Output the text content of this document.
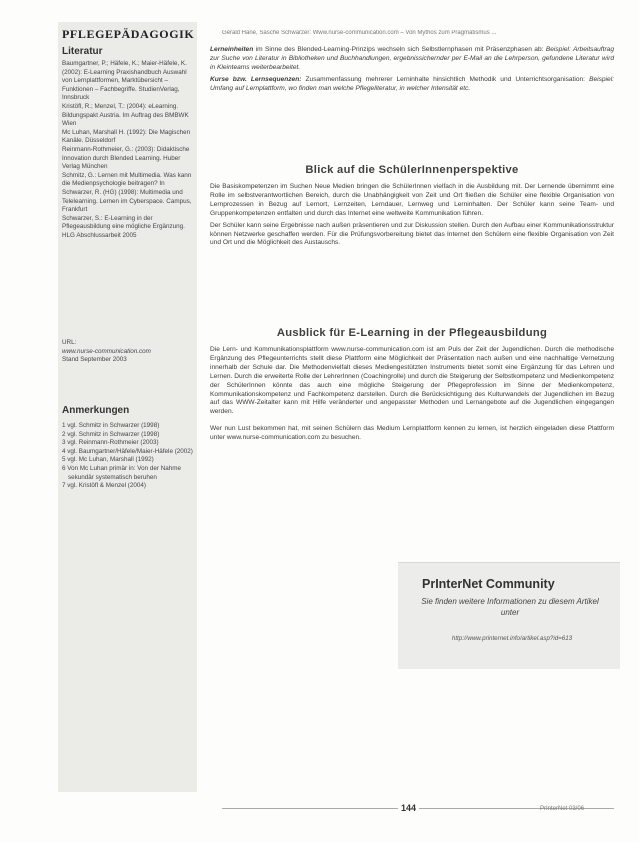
PFLEGEPÄDAGOGIK	Gerald Hane, Sasche Schwarzer: Www.nurse-communication.com – Von Mythos zum Pragmatismus ...
Literatur

Baumgartner, P.; Häfele, K.; Maier-Häfele, K. (2002): E-Learning Praxishandbuch Auswahl von Lernplattformen, Marktübersicht – Funktionen – Fachbegriffe. StudienVerlag, Innsbruck

Kristöfl, R.; Menzel, T.: (2004): eLearning. Bildungspakt Austria. Im Auftrag des BMBWK Wien

Mc Luhan, Marshall H. (1992): Die Magischen Kanäle. Düsseldorf

Reinmann-Rothmeier, G.: (2003): Didaktische Innovation durch Blended Learning. Huber Verlag München

Schmitz, G.: Lernen mit Multimedia. Was kann die Medienpsychologie beitragen? In Schwarzer, R. (HG) (1998): Multimedia und Telelearning. Lernen im Cyberspace. Campus, Frankfurt

Schwarzer, S.: E-Learning in der Pflegeausbildung eine mögliche Ergänzung. HLG Abschlussarbeit 2005

URL:

www.nurse-communication.com

Stand September 2003

Anmerkungen

1 vgl. Schmitz in Schwarzer (1998)

2 vgl. Schmitz in Schwarzer (1998)

3 vgl. Reinmann-Rothmeier (2003)

4 vgl. Baumgartner/Häfele/Maier-Häfele (2002)

5 vgl. Mc Luhan, Marshall (1992)

6 Von Mc Luhan primär in: Von der Nahme sekundär systematisch beruhen

7 vgl. Kristöfl & Menzel (2004)

Lerneinheiten im Sinne des Blended-Learning-Prinzips wechseln sich Selbstlernphasen mit Präsenzphasen ab: Beispiel: Arbeitsauftrag zur Suche von Literatur in Bibliotheken und Buchhandlungen, ergebnissichernder per E-Mail an die Lehrperson, gefundene Literatur wird in Kleinteams weiterbearbeitet.

Kurse bzw. Lernsequenzen: Zusammenfassung mehrerer Lerninhalte hinsichtlich Methodik und Unterrichtsorganisation: Beispiel: Umfang auf Lernplattform, wo finden man welche Pflegeliteratur, in welcher Intensität etc.

Blick auf die SchülerInnenperspektive

Die Basiskompetenzen im Suchen Neue Medien bringen die SchülerInnen vielfach in die Ausbildung mit. Der Lernende übernimmt eine Rolle im selbstverantwortlichen Bereich, durch die Unabhängigkeit von Zeit und Ort fließen die Schüler eine flexible Organisation von Lernprozessen in Bezug auf Lernort, Lernzeiten, Lerndauer, Lernweg und Lerninhalten. Der Schüler kann seine Team- und Gruppenkompetenzen entfalten und durch das Internet eine weltweite Kommunikation führen.

Der Schüler kann seine Ergebnisse nach außen präsentieren und zur Diskussion stellen. Durch den Aufbau einer Kommunikationsstruktur können Netzwerke geschaffen werden. Für die Prüfungsvorbereitung bietet das Internet den Schülern eine flexible Organisation von Zeit und Ort und die Möglichkeit des Austauschs.

Ausblick für E-Learning in der Pflegeausbildung

Die Lern- und Kommunikationsplattform www.nurse-communication.com ist am Puls der Zeit der Jugendlichen. Durch die methodische Ergänzung des Pflegeunterrichts stellt diese Plattform eine Möglichkeit der Präsentation nach außen und eine nachhaltige Vernetzung innerhalb der Schule dar. Die Methodenvielfalt dieses Mediengestützten Instruments bietet somit eine Ergänzung für das Lehren und Lernen. Durch die erweiterte Rolle der LehrerInnen (Coachingrolle) und durch die Steigerung der Selbstkompetenz und Medienkompetenz der SchülerInnen könnte das auch eine mögliche Steigerung der Pflegeprofession im Sinne der Medienkompetenz, Kommunikationskompetenz und Fachkompetenz darstellen. Durch die Berücksichtigung des Kulturwandels der Jugendlichen im Bezug auf das WWW-Zeitalter kann mit Hilfe veränderter und angepasster Methoden und Lernangebote auf die Jugendlichen eingegangen werden.

Wer nun Lust bekommen hat, mit seinen Schülern das Medium Lernplattform kennen zu lernen, ist herzlich eingeladen diese Plattform unter www.nurse-communication.com zu besuchen.

PrInterNet Community
Sie finden weitere Informationen zu diesem Artikel unter
http://www.printernet.info/artikel.asp?id=613
144	PrInterNet 03/06
